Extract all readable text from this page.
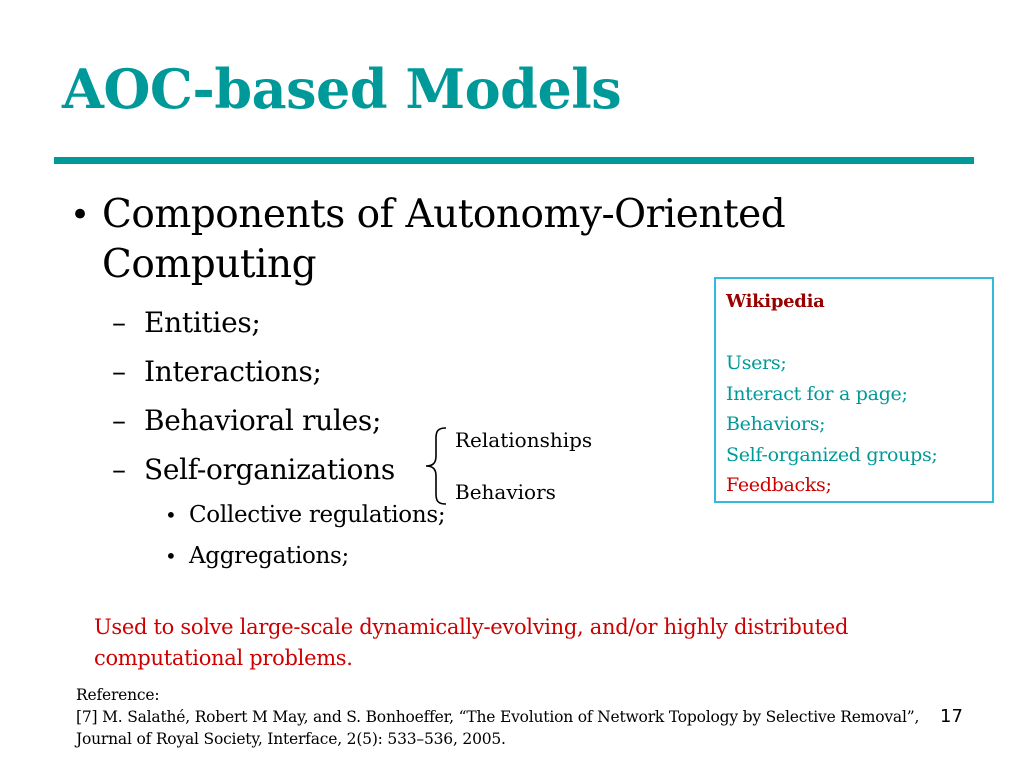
AOC-based Models
• Components of Autonomy-Oriented Computing
– Entities;
– Interactions;
– Behavioral rules;
– Self-organizations
• Collective regulations;
• Aggregations;
Relationships
Behaviors
Wikipedia
Users;
Interact for a page;
Behaviors;
Self-organized groups;
Feedbacks;
Used to solve large-scale dynamically-evolving, and/or highly distributed computational problems.
Reference:
[7] M. Salathé, Robert M May, and S. Bonhoeffer, “The Evolution of Network Topology by Selective Removal”, Journal of Royal Society, Interface, 2(5): 533–536, 2005.
17
